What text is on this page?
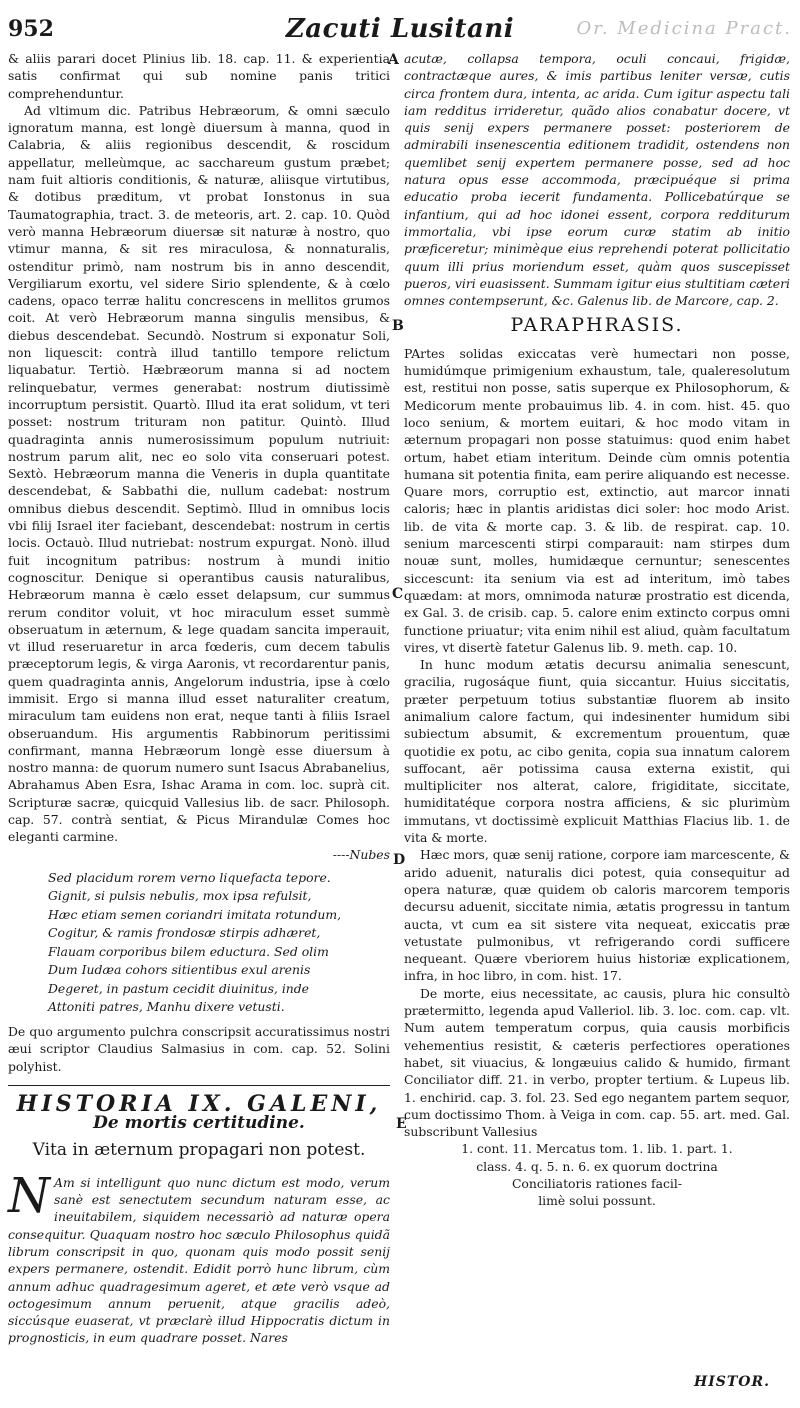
952	Zacuti Lusitani	Or. Medicina Pract.
A
B
C
D
E

& aliis parari docet Plinius lib. 18. cap. 11. & experientia satis confirmat qui sub nomine panis tritici comprehenduntur.

Ad vltimum dic. Patribus Hebræorum, & omni sæculo ignoratum manna, est longè diuersum à manna, quod in Calabria, & aliis regionibus descendit, & roscidum appellatur, melleùmque, ac sacchareum gustum præbet; nam fuit altioris conditionis, & naturæ, aliisque virtutibus, & dotibus præditum, vt probat Ionstonus in sua Taumatographia, tract. 3. de meteoris, art. 2. cap. 10. Quòd verò manna Hebræorum diuersæ sit naturæ à nostro, quo vtimur manna, & sit res miraculosa, & nonnaturalis, ostenditur primò, nam nostrum bis in anno descendit, Vergiliarum exortu, vel sidere Sirio splendente, & à cœlo cadens, opaco terræ halitu concrescens in mellitos grumos coit. At verò Hebræorum manna singulis mensibus, & diebus descendebat. Secundò. Nostrum si exponatur Soli, non liquescit: contrà illud tantillo tempore relictum liquabatur. Tertiò. Hæbræorum manna si ad noctem relinquebatur, vermes generabat: nostrum diutissimè incorruptum persistit. Quartò. Illud ita erat solidum, vt teri posset: nostrum trituram non patitur. Quintò. Illud quadraginta annis numerosissimum populum nutriuit: nostrum parum alit, nec eo solo vita conseruari potest. Sextò. Hebræorum manna die Veneris in dupla quantitate descendebat, & Sabbathi die, nullum cadebat: nostrum omnibus diebus descendit. Septimò. Illud in omnibus locis vbi filij Israel iter faciebant, descendebat: nostrum in certis locis. Octauò. Illud nutriebat: nostrum expurgat. Nonò. illud fuit incognitum patribus: nostrum à mundi initio cognoscitur. Denique si operantibus causis naturalibus, Hebræorum manna è cælo esset delapsum, cur summus rerum conditor voluit, vt hoc miraculum esset summè obseruatum in æternum, & lege quadam sancita imperauit, vt illud reseruaretur in arca fœderis, cum decem tabulis præceptorum legis, & virga Aaronis, vt recordarentur panis, quem quadraginta annis, Angelorum industria, ipse à cœlo immisit. Ergo si manna illud esset naturaliter creatum, miraculum tam euidens non erat, neque tanti à filiis Israel obseruandum. His argumentis Rabbinorum peritissimi confirmant, manna Hebræorum longè esse diuersum à nostro manna: de quorum numero sunt Isacus Abrabanelius, Abrahamus Aben Esra, Ishac Arama in com. loc. suprà cit. Scripturæ sacræ, quicquid Vallesius lib. de sacr. Philosoph. cap. 57. contrà sentiat, & Picus Mirandulæ Comes hoc eleganti carmine.

----Nubes

Sed placidum rorem verno liquefacta tepore.
Gignit, si pulsis nebulis, mox ipsa refulsit,
Hæc etiam semen coriandri imitata rotundum,
Cogitur, & ramis frondosæ stirpis adhæret,
Flauam corporibus bilem eductura. Sed olim
Dum Iudæa cohors sitientibus exul arenis
Degeret, in pastum cecidit diuinitus, inde
Attoniti patres, Manhu dixere vetusti.

De quo argumento pulchra conscripsit accuratissimus nostri æui scriptor Claudius Salmasius in com. cap. 52. Solini polyhist.

HISTORIA IX. GALENI,
De mortis certitudine.
Vita in æternum propagari non potest.

N Am si intelligunt quo nunc dictum est modo, verum sanè est senectutem secundum naturam esse, ac ineuitabilem, siquidem necessariò ad naturæ opera consequitur. Quaquam nostro hoc sæculo Philosophus quidã librum conscripsit in quo, quonam quis modo possit senij expers permanere, ostendit. Edidit porrò hunc librum, cùm annum adhuc quadragesimum ageret, et æte verò vsque ad octogesimum annum peruenit, atque gracilis adeò, siccúsque euaserat, vt præclarè illud Hippocratis dictum in prognosticis, in eum quadrare posset. Nares

acutæ, collapsa tempora, oculi concaui, frigidæ, contractæque aures, & imis partibus leniter versæ, cutis circa frontem dura, intenta, ac arida. Cum igitur aspectu tali iam redditus irrideretur, quãdo alios conabatur docere, vt quis senij expers permanere posset: posteriorem de admirabili insenescentia editionem tradidit, ostendens non quemlibet senij expertem permanere posse, sed ad hoc natura opus esse accommoda, præcipuéque si prima educatio proba iecerit fundamenta. Pollicebatúrque se infantium, qui ad hoc idonei essent, corpora redditurum immortalia, vbi ipse eorum curæ statim ab initio præficeretur; minimèque eius reprehendi poterat pollicitatio quum illi prius moriendum esset, quàm quos suscepisset pueros, viri euasissent. Summam igitur eius stultitiam cæteri omnes contempserunt, &c. Galenus lib. de Marcore, cap. 2.

PARAPHRASIS.

PArtes solidas exiccatas verè humectari non posse, humidúmque primigenium exhaustum, tale, qualeresolutum est, restitui non posse, satis superque ex Philosophorum, & Medicorum mente probauimus lib. 4. in com. hist. 45. quo loco senium, & mortem euitari, & hoc modo vitam in æternum propagari non posse statuimus: quod enim habet ortum, habet etiam interitum. Deinde cùm omnis potentia humana sit potentia finita, eam perire aliquando est necesse. Quare mors, corruptio est, extinctio, aut marcor innati caloris; hæc in plantis aridistas dici soler: hoc modo Arist. lib. de vita & morte cap. 3. & lib. de respirat. cap. 10. senium marcescenti stirpi comparauit: nam stirpes dum nouæ sunt, molles, humidæque cernuntur; senescentes siccescunt: ita senium via est ad interitum, imò tabes quædam: at mors, omnimoda naturæ prostratio est dicenda, ex Gal. 3. de crisib. cap. 5. calore enim extincto corpus omni functione priuatur; vita enim nihil est aliud, quàm facultatum vires, vt disertè fatetur Galenus lib. 9. meth. cap. 10.

In hunc modum ætatis decursu animalia senescunt, gracilia, rugosáque fiunt, quia siccantur. Huius siccitatis, præter perpetuum totius substantiæ fluorem ab insito animalium calore factum, qui indesinenter humidum sibi subiectum absumit, & excrementum prouentum, quæ quotidie ex potu, ac cibo genita, copia sua innatum calorem suffocant, aër potissima causa externa existit, qui multipliciter nos alterat, calore, frigiditate, siccitate, humiditatéque corpora nostra afficiens, & sic plurimùm immutans, vt doctissimè explicuit Matthias Flacius lib. 1. de vita & morte.

Hæc mors, quæ senij ratione, corpore iam marcescente, & arido aduenit, naturalis dici potest, quia consequitur ad opera naturæ, quæ quidem ob caloris marcorem temporis decursu aduenit, siccitate nimia, ætatis progressu in tantum aucta, vt cum ea sit sistere vita nequeat, exiccatis præ vetustate pulmonibus, vt refrigerando cordi sufficere nequeant. Quære vberiorem huius historiæ explicationem, infra, in hoc libro, in com. hist. 17.

De morte, eius necessitate, ac causis, plura hic consultò prætermitto, legenda apud Valleriol. lib. 3. loc. com. cap. vlt. Num autem temperatum corpus, quia causis morbificis vehementius resistit, & cæteris perfectiores operationes habet, sit viuacius, & longæuius calido & humido, firmant Conciliator diff. 21. in verbo, propter tertium. & Lupeus lib. 1. enchirid. cap. 3. fol. 23. Sed ego negantem partem sequor, cum doctissimo Thom. à Veiga in com. cap. 55. art. med. Gal. subscribunt Vallesius

1. cont. 11. Mercatus tom. 1. lib. 1. part. 1.
class. 4. q. 5. n. 6. ex quorum doctrina
Conciliatoris rationes facil-
limè solui possunt.
HISTOR.
